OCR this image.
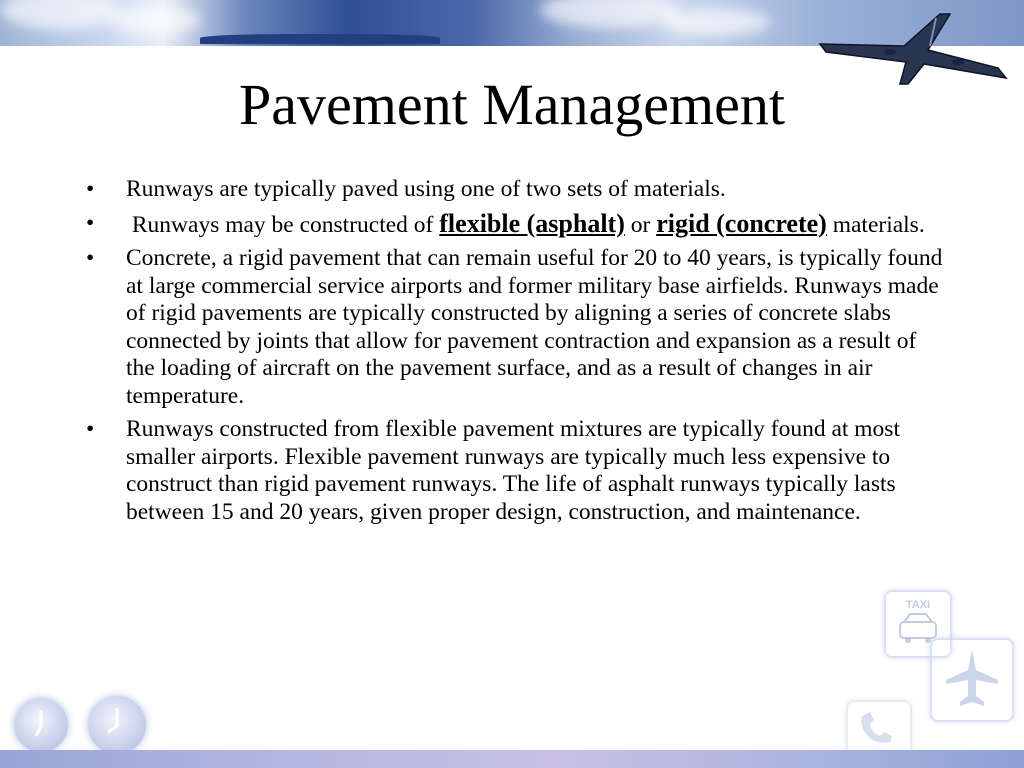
Pavement Management
• Runways are typically paved using one of two sets of materials.
• Runways may be constructed of flexible (asphalt) or rigid (concrete) materials.
• Concrete, a rigid pavement that can remain useful for 20 to 40 years, is typically found at large commercial service airports and former military base airfields. Runways made of rigid pavements are typically constructed by aligning a series of concrete slabs connected by joints that allow for pavement contraction and expansion as a result of the loading of aircraft on the pavement surface, and as a result of changes in air temperature.
• Runways constructed from flexible pavement mixtures are typically found at most smaller airports. Flexible pavement runways are typically much less expensive to construct than rigid pavement runways. The life of asphalt runways typically lasts between 15 and 20 years, given proper design, construction, and maintenance.
TAXI
